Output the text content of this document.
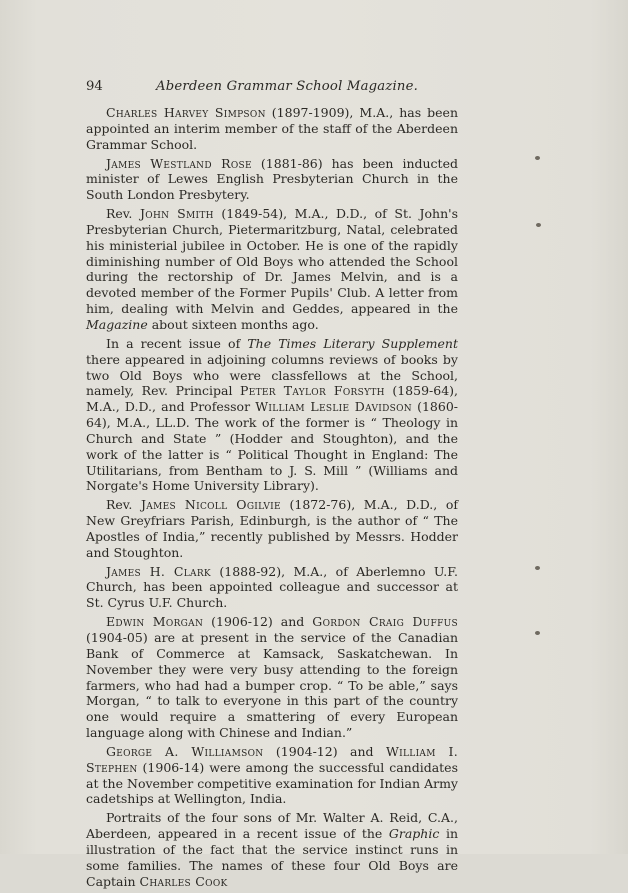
94	Aberdeen Grammar School Magazine.

Charles Harvey Simpson (1897-1909), M.A., has been appointed an interim member of the staff of the Aberdeen Grammar School.

James Westland Rose (1881-86) has been inducted minister of Lewes English Presbyterian Church in the South London Presbytery.

Rev. John Smith (1849-54), M.A., D.D., of St. John's Presbyterian Church, Pietermaritzburg, Natal, celebrated his ministerial jubilee in October. He is one of the rapidly diminishing number of Old Boys who attended the School during the rectorship of Dr. James Melvin, and is a devoted member of the Former Pupils' Club. A letter from him, dealing with Melvin and Geddes, appeared in the Magazine about sixteen months ago.

In a recent issue of The Times Literary Supplement there appeared in adjoining columns reviews of books by two Old Boys who were classfellows at the School, namely, Rev. Principal Peter Taylor Forsyth (1859-64), M.A., D.D., and Professor William Leslie Davidson (1860-64), M.A., LL.D. The work of the former is “ Theology in Church and State ” (Hodder and Stoughton), and the work of the latter is “ Political Thought in England: The Utilitarians, from Bentham to J. S. Mill ” (Williams and Norgate's Home University Library).

Rev. James Nicoll Ogilvie (1872-76), M.A., D.D., of New Greyfriars Parish, Edinburgh, is the author of “ The Apostles of India,” recently published by Messrs. Hodder and Stoughton.

James H. Clark (1888-92), M.A., of Aberlemno U.F. Church, has been appointed colleague and successor at St. Cyrus U.F. Church.

Edwin Morgan (1906-12) and Gordon Craig Duffus (1904-05) are at present in the service of the Canadian Bank of Commerce at Kamsack, Saskatchewan. In November they were very busy attending to the foreign farmers, who had had a bumper crop. “ To be able,” says Morgan, “ to talk to everyone in this part of the country one would require a smattering of every European language along with Chinese and Indian.”

George A. Williamson (1904-12) and William I. Stephen (1906-14) were among the successful candidates at the November competitive examination for Indian Army cadetships at Wellington, India.

Portraits of the four sons of Mr. Walter A. Reid, C.A., Aberdeen, appeared in a recent issue of the Graphic in illustration of the fact that the service instinct runs in some families. The names of these four Old Boys are Captain Charles Cook
